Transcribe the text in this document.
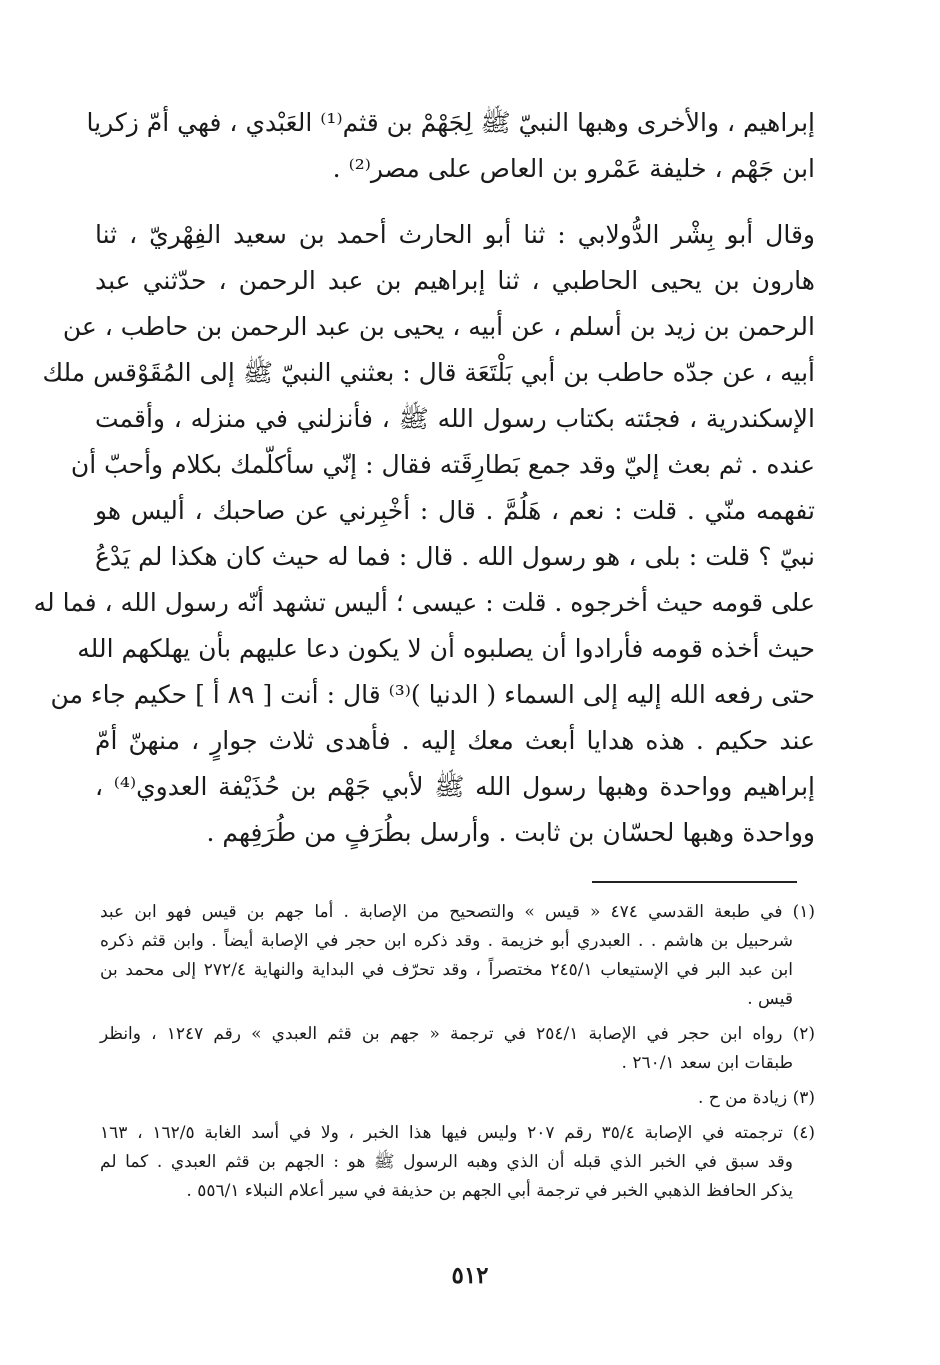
إبراهيم ، والأخرى وهبها النبيّ ﷺ لِجَهْمْ بن قثم⁽¹⁾ العَبْدي ، فهي أمّ زكريا
ابن جَهْم ، خليفة عَمْرو بن العاص على مصر⁽²⁾ .
وقال أبو بِشْر الدُّولابي : ثنا أبو الحارث أحمد بن سعيد الفِهْريّ ، ثنا
هارون بن يحيى الحاطبي ، ثنا إبراهيم بن عبد الرحمن ، حدّثني عبد
الرحمن بن زيد بن أسلم ، عن أبيه ، يحيى بن عبد الرحمن بن حاطب ، عن
أبيه ، عن جدّه حاطب بن أبي بَلْتَعَة قال : بعثني النبيّ ﷺ إلى المُقَوْقس ملك
الإسكندرية ، فجئته بكتاب رسول الله ﷺ ، فأنزلني في منزله ، وأقمت
عنده . ثم بعث إليّ وقد جمع بَطارِقَته فقال : إنّي سأكلّمك بكلام وأحبّ أن
تفهمه منّي . قلت : نعم ، هَلُمَّ . قال : أخْبِرني عن صاحبك ، أليس هو
نبيّ ؟ قلت : بلى ، هو رسول الله . قال : فما له حيث كان هكذا لم يَدْعُ
على قومه حيث أخرجوه . قلت : عيسى ؛ أليس تشهد أنّه رسول الله ، فما له
حيث أخذه قومه فأرادوا أن يصلبوه أن لا يكون دعا عليهم بأن يهلكهم الله
حتى رفعه الله إليه إلى السماء ( الدنيا )⁽³⁾ قال : أنت [ ٨٩ أ ] حكيم جاء من
عند حكيم . هذه هدايا أبعث معك إليه . فأهدى ثلاث جوارٍ ، منهنّ أمّ
إبراهيم وواحدة وهبها رسول الله ﷺ لأبي جَهْم بن حُذَيْفة العدوي⁽⁴⁾ ،
وواحدة وهبها لحسّان بن ثابت . وأرسل بطُرَفٍ من طُرَفِهم .
(١) في طبعة القدسي ٤٧٤ « قيس » والتصحيح من الإصابة . أما جهم بن قيس فهو ابن عبد
شرحبيل بن هاشم . . العبدري أبو خزيمة . وقد ذكره ابن حجر في الإصابة أيضاً . وابن قثم ذكره
ابن عبد البر في الإستيعاب ٢٤٥/١ مختصراً ، وقد تحرّف في البداية والنهاية ٢٧٢/٤ إلى محمد بن
قيس .
(٢) رواه ابن حجر في الإصابة ٢٥٤/١ في ترجمة « جهم بن قثم العبدي » رقم ١٢٤٧ ، وانظر
طبقات ابن سعد ٢٦٠/١ .
(٣) زيادة من ح .
(٤) ترجمته في الإصابة ٣٥/٤ رقم ٢٠٧ وليس فيها هذا الخبر ، ولا في أسد الغابة ١٦٢/٥ ، ١٦٣
وقد سبق في الخبر الذي قبله أن الذي وهبه الرسول ﷺ هو : الجهم بن قثم العبدي . كما لم
يذكر الحافظ الذهبي الخبر في ترجمة أبي الجهم بن حذيفة في سير أعلام النبلاء ٥٥٦/١ .
٥١٢
